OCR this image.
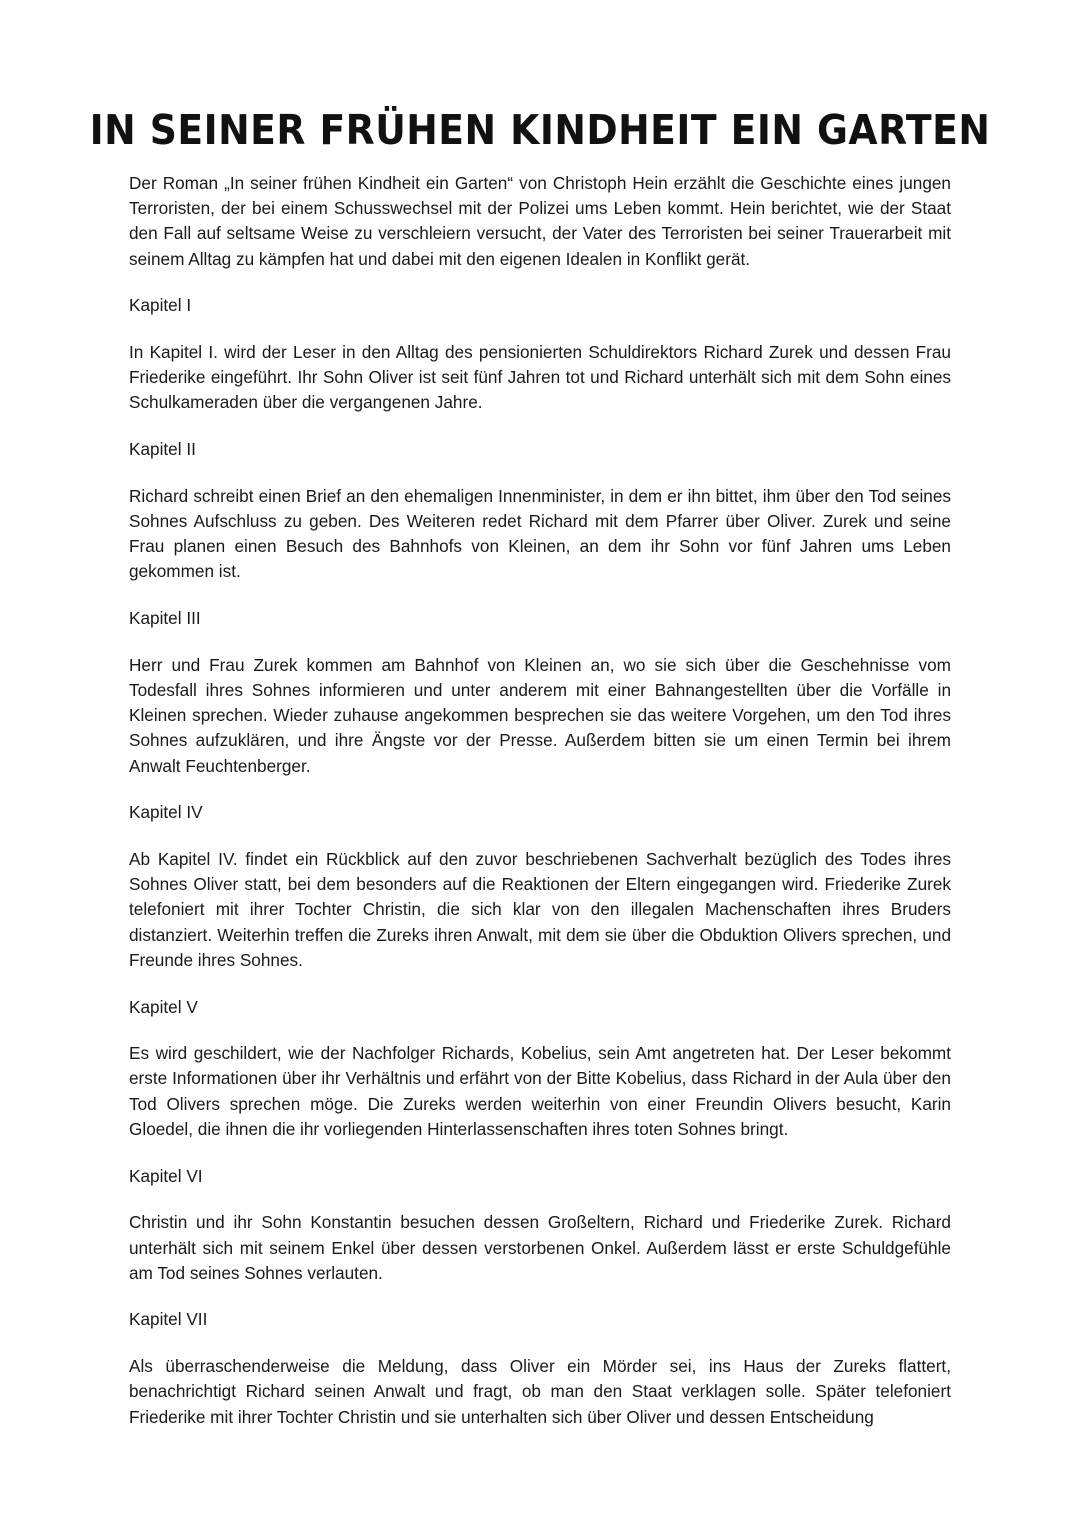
IN SEINER FRÜHEN KINDHEIT EIN GARTEN

Der Roman „In seiner frühen Kindheit ein Garten“ von Christoph Hein erzählt die Geschichte eines jungen Terroristen, der bei einem Schusswechsel mit der Polizei ums Leben kommt. Hein berichtet, wie der Staat den Fall auf seltsame Weise zu verschleiern versucht, der Vater des Terroristen bei seiner Trauerarbeit mit seinem Alltag zu kämpfen hat und dabei mit den eigenen Idealen in Konflikt gerät.

Kapitel I

In Kapitel I. wird der Leser in den Alltag des pensionierten Schuldirektors Richard Zurek und dessen Frau Friederike eingeführt. Ihr Sohn Oliver ist seit fünf Jahren tot und Richard unterhält sich mit dem Sohn eines Schulkameraden über die vergangenen Jahre.

Kapitel II

Richard schreibt einen Brief an den ehemaligen Innenminister, in dem er ihn bittet, ihm über den Tod seines Sohnes Aufschluss zu geben. Des Weiteren redet Richard mit dem Pfarrer über Oliver. Zurek und seine Frau planen einen Besuch des Bahnhofs von Kleinen, an dem ihr Sohn vor fünf Jahren ums Leben gekommen ist.

Kapitel III

Herr und Frau Zurek kommen am Bahnhof von Kleinen an, wo sie sich über die Geschehnisse vom Todesfall ihres Sohnes informieren und unter anderem mit einer Bahnangestellten über die Vorfälle in Kleinen sprechen. Wieder zuhause angekommen besprechen sie das weitere Vorgehen, um den Tod ihres Sohnes aufzuklären, und ihre Ängste vor der Presse. Außerdem bitten sie um einen Termin bei ihrem Anwalt Feuchtenberger.

Kapitel IV

Ab Kapitel IV. findet ein Rückblick auf den zuvor beschriebenen Sachverhalt bezüglich des Todes ihres Sohnes Oliver statt, bei dem besonders auf die Reaktionen der Eltern eingegangen wird. Friederike Zurek telefoniert mit ihrer Tochter Christin, die sich klar von den illegalen Machenschaften ihres Bruders distanziert. Weiterhin treffen die Zureks ihren Anwalt, mit dem sie über die Obduktion Olivers sprechen, und Freunde ihres Sohnes.

Kapitel V

Es wird geschildert, wie der Nachfolger Richards, Kobelius, sein Amt angetreten hat. Der Leser bekommt erste Informationen über ihr Verhältnis und erfährt von der Bitte Kobelius, dass Richard in der Aula über den Tod Olivers sprechen möge. Die Zureks werden weiterhin von einer Freundin Olivers besucht, Karin Gloedel, die ihnen die ihr vorliegenden Hinterlassenschaften ihres toten Sohnes bringt.

Kapitel VI

Christin und ihr Sohn Konstantin besuchen dessen Großeltern, Richard und Friederike Zurek. Richard unterhält sich mit seinem Enkel über dessen verstorbenen Onkel. Außerdem lässt er erste Schuldgefühle am Tod seines Sohnes verlauten.

Kapitel VII

Als überraschenderweise die Meldung, dass Oliver ein Mörder sei, ins Haus der Zureks flattert, benachrichtigt Richard seinen Anwalt und fragt, ob man den Staat verklagen solle. Später telefoniert Friederike mit ihrer Tochter Christin und sie unterhalten sich über Oliver und dessen Entscheidung
